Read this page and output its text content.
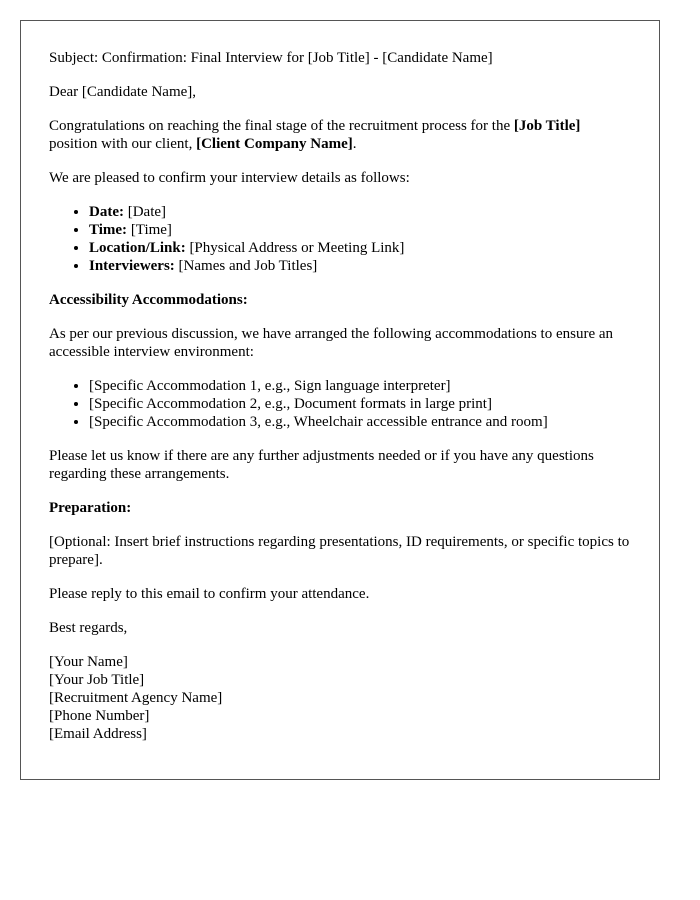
Subject: Confirmation: Final Interview for [Job Title] - [Candidate Name]

Dear [Candidate Name],

Congratulations on reaching the final stage of the recruitment process for the [Job Title] position with our client, [Client Company Name].

We are pleased to confirm your interview details as follows:

• Date: [Date]
• Time: [Time]
• Location/Link: [Physical Address or Meeting Link]
• Interviewers: [Names and Job Titles]

Accessibility Accommodations:

As per our previous discussion, we have arranged the following accommodations to ensure an accessible interview environment:

• [Specific Accommodation 1, e.g., Sign language interpreter]
• [Specific Accommodation 2, e.g., Document formats in large print]
• [Specific Accommodation 3, e.g., Wheelchair accessible entrance and room]

Please let us know if there are any further adjustments needed or if you have any questions regarding these arrangements.

Preparation:

[Optional: Insert brief instructions regarding presentations, ID requirements, or specific topics to prepare].

Please reply to this email to confirm your attendance.

Best regards,

[Your Name]
[Your Job Title]
[Recruitment Agency Name]
[Phone Number]
[Email Address]
